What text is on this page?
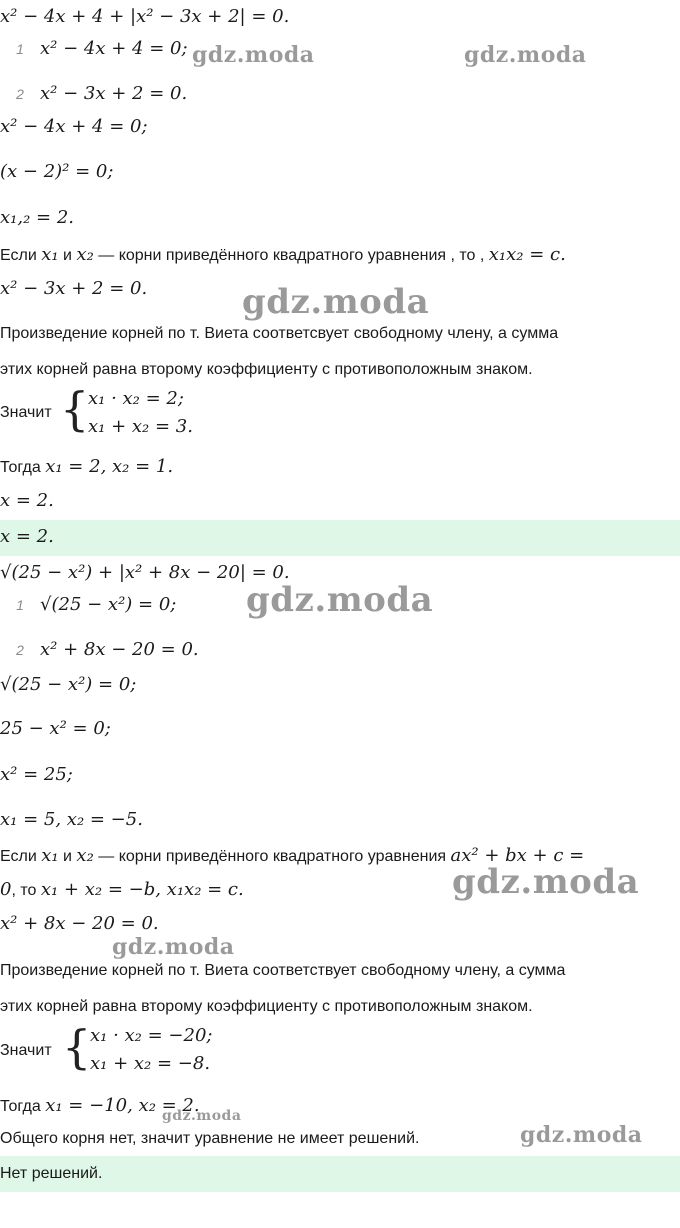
x² − 4x + 4 + |x² − 3x + 2| = 0.
1 x² − 4x + 4 = 0;
2 x² − 3x + 2 = 0.
x² − 4x + 4 = 0;
(x − 2)² = 0;
x₁,₂ = 2.
Если x₁ и x₂ — корни приведённого квадратного уравнения , то , x₁x₂ = c.
x² − 3x + 2 = 0.
Произведение корней по т. Виета соответсвует свободному члену, а сумма
этих корней равна второму коэффициенту с противоположным знаком.
Значит {
x₁ · x₂ = 2;
x₁ + x₂ = 3.
Тогда x₁ = 2, x₂ = 1.
x = 2.
x = 2.
√(25 − x²) + |x² + 8x − 20| = 0.
1 √(25 − x²) = 0;
2 x² + 8x − 20 = 0.
√(25 − x²) = 0;
25 − x² = 0;
x² = 25;
x₁ = 5, x₂ = −5.
Если x₁ и x₂ — корни приведённого квадратного уравнения ax² + bx + c =
0, то x₁ + x₂ = −b, x₁x₂ = c.
x² + 8x − 20 = 0.
Произведение корней по т. Виета соответствует свободному члену, а сумма
этих корней равна второму коэффициенту с противоположным знаком.
Значит {
x₁ · x₂ = −20;
x₁ + x₂ = −8.
Тогда x₁ = −10, x₂ = 2.
Общего корня нет, значит уравнение не имеет решений.
Нет решений.
gdz.moda	gdz.moda
gdz.moda
gdz.moda
gdz.moda
gdz.moda
gdz.moda
gdz.moda
